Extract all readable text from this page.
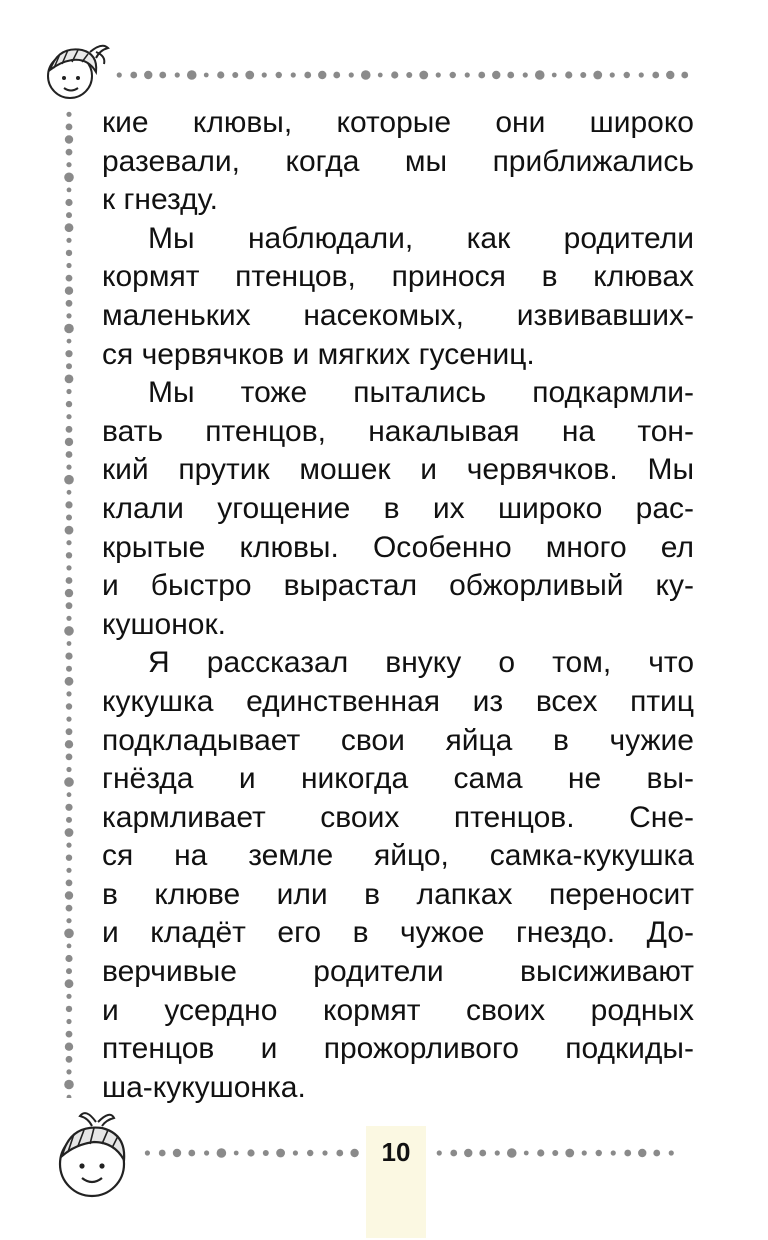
кие клювы, которые они широко
разевали, когда мы приближались
к гнезду.
Мы наблюдали, как родители
кормят птенцов, принося в клювах
маленьких насекомых, извивавших-
ся червячков и мягких гусениц.
Мы тоже пытались подкармли-
вать птенцов, накалывая на тон-
кий прутик мошек и червячков. Мы
клали угощение в их широко рас-
крытые клювы. Особенно много ел
и быстро вырастал обжорливый ку-
кушонок.
Я рассказал внуку о том, что
кукушка единственная из всех птиц
подкладывает свои яйца в чужие
гнёзда и никогда сама не вы-
кармливает своих птенцов. Сне-
ся на земле яйцо, самка-кукушка
в клюве или в лапках переносит
и кладёт его в чужое гнездо. До-
верчивые родители высиживают
и усердно кормят своих родных
птенцов и прожорливого подкиды-
ша-кукушонка.
10
